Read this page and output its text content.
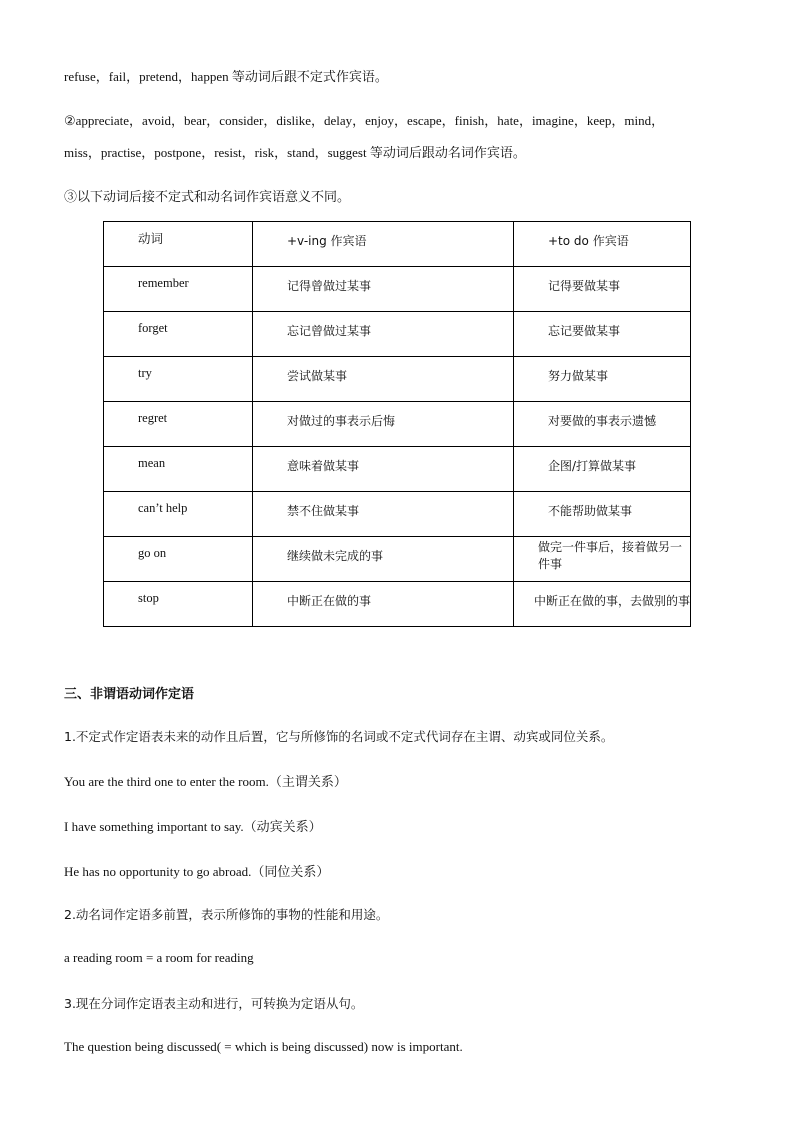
refuse，fail，pretend，happen 等动词后跟不定式作宾语。
②appreciate，avoid，bear，consider，dislike，delay，enjoy，escape，finish，hate，imagine，keep，mind，
miss，practise，postpone，resist，risk，stand，suggest 等动词后跟动名词作宾语。
③以下动词后接不定式和动名词作宾语意义不同。
动词	+v-ing 作宾语	+to do 作宾语
remember	记得曾做过某事	记得要做某事
forget	忘记曾做过某事	忘记要做某事
try	尝试做某事	努力做某事
regret	对做过的事表示后悔	对要做的事表示遗憾
mean	意味着做某事	企图/打算做某事
can’t help	禁不住做某事	不能帮助做某事
go on	继续做未完成的事	做完一件事后，接着做另一件事
stop	中断正在做的事	中断正在做的事，去做别的事
三、非谓语动词作定语
1.不定式作定语表未来的动作且后置，它与所修饰的名词或不定式代词存在主谓、动宾或同位关系。
You are the third one to enter the room.（主谓关系）
I have something important to say.（动宾关系）
He has no opportunity to go abroad.（同位关系）
2.动名词作定语多前置，表示所修饰的事物的性能和用途。
a reading room = a room for reading
3.现在分词作定语表主动和进行，可转换为定语从句。
The question being discussed( = which is being discussed) now is important.
